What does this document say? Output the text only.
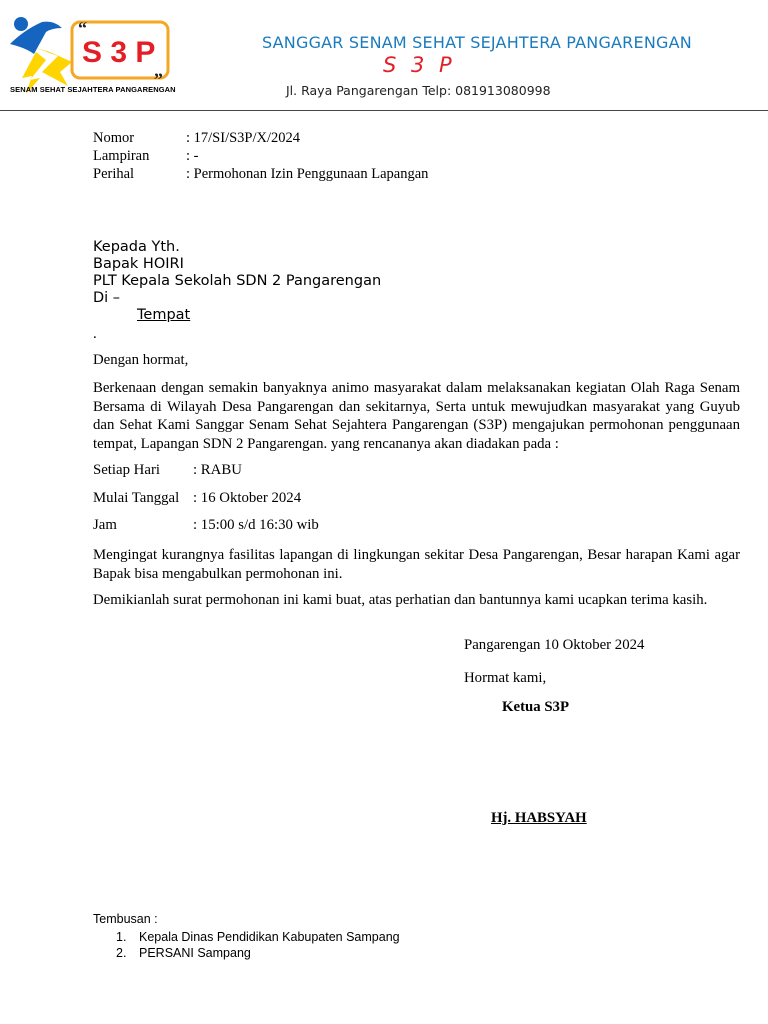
“
S 3 P
„
SENAM SEHAT SEJAHTERA PANGARENGAN
SANGGAR SENAM SEHAT SEJAHTERA PANGARENGAN
S 3 P
Jl. Raya Pangarengan Telp: 081913080998
Nomor	: 17/SI/S3P/X/2024
Lampiran	: -
Perihal	: Permohonan Izin Penggunaan Lapangan
Kepada Yth.
Bapak HOIRI
PLT Kepala Sekolah SDN 2 Pangarengan
Di –
Tempat
.
Dengan hormat,
Berkenaan dengan semakin banyaknya animo masyarakat dalam melaksanakan kegiatan Olah Raga Senam Bersama di Wilayah Desa Pangarengan dan sekitarnya, Serta untuk mewujudkan masyarakat yang Guyub dan Sehat Kami Sanggar Senam Sehat Sejahtera Pangarengan (S3P) mengajukan permohonan penggunaan tempat, Lapangan SDN 2 Pangarengan. yang rencananya akan diadakan pada :
Setiap Hari : RABU
Mulai Tanggal : 16 Oktober 2024
Jam	: 15:00 s/d 16:30 wib
Mengingat kurangnya fasilitas lapangan di lingkungan sekitar Desa Pangarengan, Besar harapan Kami agar Bapak bisa mengabulkan permohonan ini.
Demikianlah surat permohonan ini kami buat, atas perhatian dan bantunnya kami ucapkan terima kasih.
Pangarengan 10 Oktober 2024
Hormat kami,
Ketua S3P
Hj. HABSYAH
Tembusan :
1. Kepala Dinas Pendidikan Kabupaten Sampang
2. PERSANI Sampang
